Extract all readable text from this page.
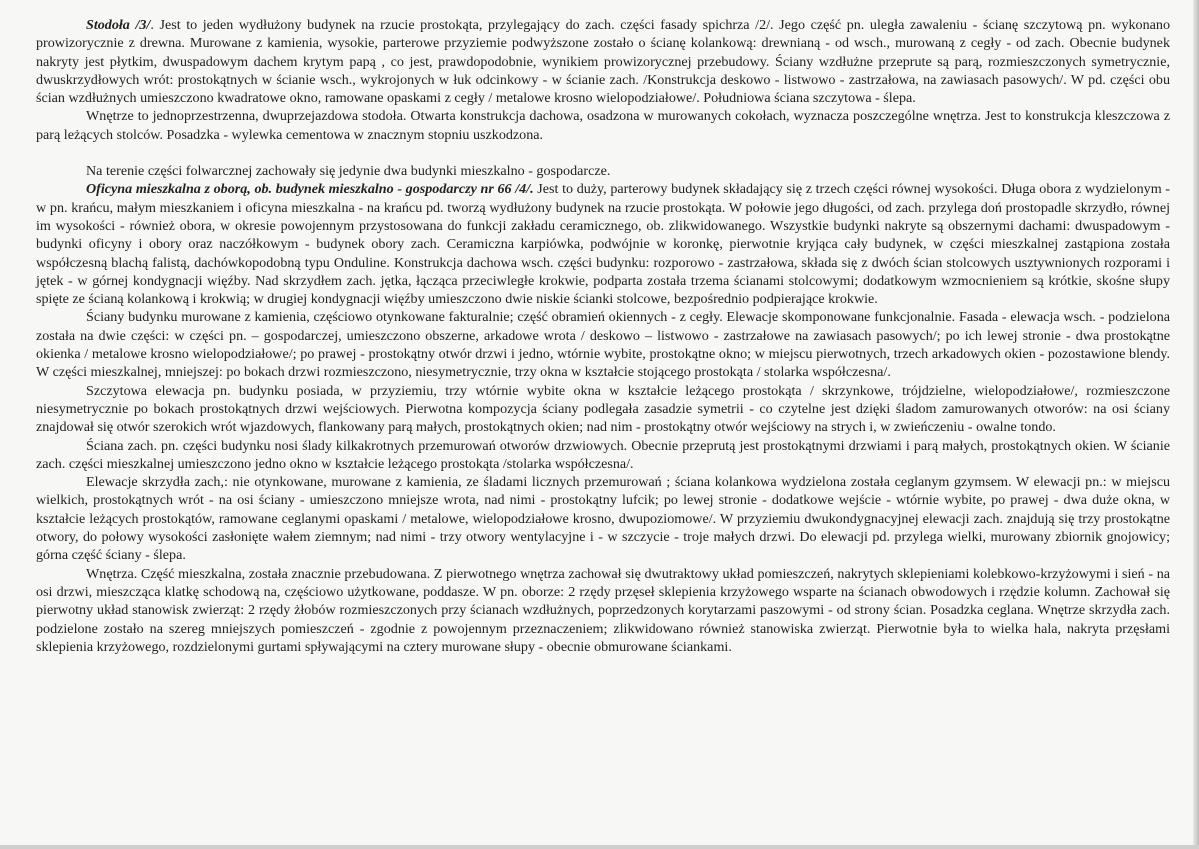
Stodoła /3/. Jest to jeden wydłużony budynek na rzucie prostokąta, przylegający do zach. części fasady spichrza /2/. Jego część pn. uległa zawaleniu - ścianę szczytową pn. wykonano prowizorycznie z drewna. Murowane z kamienia, wysokie, parterowe przyziemie podwyższone zostało o ścianę kolankową: drewnianą - od wsch., murowaną z cegły - od zach. Obecnie budynek nakryty jest płytkim, dwuspadowym dachem krytym papą , co jest, prawdopodobnie, wynikiem prowizorycznej przebudowy. Ściany wzdłużne przeprute są parą, rozmieszczonych symetrycznie, dwuskrzydłowych wrót: prostokątnych w ścianie wsch., wykrojonych w łuk odcinkowy - w ścianie zach. /Konstrukcja deskowo - listwowo - zastrzałowa, na zawiasach pasowych/. W pd. części obu ścian wzdłużnych umieszczono kwadratowe okno, ramowane opaskami z cegły / metalowe krosno wielopodziałowe/. Południowa ściana szczytowa - ślepa.

Wnętrze to jednoprzestrzenna, dwuprzejazdowa stodoła. Otwarta konstrukcja dachowa, osadzona w murowanych cokołach, wyznacza poszczególne wnętrza. Jest to konstrukcja kleszczowa z parą leżących stolców. Posadzka - wylewka cementowa w znacznym stopniu uszkodzona.

Na terenie części folwarcznej zachowały się jedynie dwa budynki mieszkalno - gospodarcze.

Oficyna mieszkalna z oborą, ob. budynek mieszkalno - gospodarczy nr 66 /4/. Jest to duży, parterowy budynek składający się z trzech części równej wysokości. Długa obora z wydzielonym - w pn. krańcu, małym mieszkaniem i oficyna mieszkalna - na krańcu pd. tworzą wydłużony budynek na rzucie prostokąta. W połowie jego długości, od zach. przylega doń prostopadle skrzydło, równej im wysokości - również obora, w okresie powojennym przystosowana do funkcji zakładu ceramicznego, ob. zlikwidowanego. Wszystkie budynki nakryte są obszernymi dachami: dwuspadowym - budynki oficyny i obory oraz naczółkowym - budynek obory zach. Ceramiczna karpiówka, podwójnie w koronkę, pierwotnie kryjąca cały budynek, w części mieszkalnej zastąpiona została współczesną blachą falistą, dachówkopodobną typu Onduline. Konstrukcja dachowa wsch. części budynku: rozporowo - zastrzałowa, składa się z dwóch ścian stolcowych usztywnionych rozporami i jętek - w górnej kondygnacji więźby. Nad skrzydłem zach. jętka, łącząca przeciwległe krokwie, podparta została trzema ścianami stolcowymi; dodatkowym wzmocnieniem są krótkie, skośne słupy spięte ze ścianą kolankową i krokwią; w drugiej kondygnacji więźby umieszczono dwie niskie ścianki stolcowe, bezpośrednio podpierające krokwie.

Ściany budynku murowane z kamienia, częściowo otynkowane fakturalnie; część obramień okiennych - z cegły. Elewacje skomponowane funkcjonalnie. Fasada - elewacja wsch. - podzielona została na dwie części: w części pn. – gospodarczej, umieszczono obszerne, arkadowe wrota / deskowo – listwowo - zastrzałowe na zawiasach pasowych/; po ich lewej stronie - dwa prostokątne okienka / metalowe krosno wielopodziałowe/; po prawej - prostokątny otwór drzwi i jedno, wtórnie wybite, prostokątne okno; w miejscu pierwotnych, trzech arkadowych okien - pozostawione blendy. W części mieszkalnej, mniejszej: po bokach drzwi rozmieszczono, niesymetrycznie, trzy okna w kształcie stojącego prostokąta / stolarka współczesna/.

Szczytowa elewacja pn. budynku posiada, w przyziemiu, trzy wtórnie wybite okna w kształcie leżącego prostokąta / skrzynkowe, trójdzielne, wielopodziałowe/, rozmieszczone niesymetrycznie po bokach prostokątnych drzwi wejściowych. Pierwotna kompozycja ściany podlegała zasadzie symetrii - co czytelne jest dzięki śladom zamurowanych otworów: na osi ściany znajdował się otwór szerokich wrót wjazdowych, flankowany parą małych, prostokątnych okien; nad nim - prostokątny otwór wejściowy na strych i, w zwieńczeniu - owalne tondo.

Ściana zach. pn. części budynku nosi ślady kilkakrotnych przemurowań otworów drzwiowych. Obecnie przeprutą jest prostokątnymi drzwiami i parą małych, prostokątnych okien. W ścianie zach. części mieszkalnej umieszczono jedno okno w kształcie leżącego prostokąta /stolarka współczesna/.

Elewacje skrzydła zach,: nie otynkowane, murowane z kamienia, ze śladami licznych przemurowań ; ściana kolankowa wydzielona została ceglanym gzymsem. W elewacji pn.: w miejscu wielkich, prostokątnych wrót - na osi ściany - umieszczono mniejsze wrota, nad nimi - prostokątny lufcik; po lewej stronie - dodatkowe wejście - wtórnie wybite, po prawej - dwa duże okna, w kształcie leżących prostokątów, ramowane ceglanymi opaskami / metalowe, wielopodziałowe krosno, dwupoziomowe/. W przyziemiu dwukondygnacyjnej elewacji zach. znajdują się trzy prostokątne otwory, do połowy wysokości zasłonięte wałem ziemnym; nad nimi - trzy otwory wentylacyjne i - w szczycie - troje małych drzwi. Do elewacji pd. przylega wielki, murowany zbiornik gnojowicy; górna część ściany - ślepa.

Wnętrza. Część mieszkalna, została znacznie przebudowana. Z pierwotnego wnętrza zachował się dwutraktowy układ pomieszczeń, nakrytych sklepieniami kolebkowo-krzyżowymi i sień - na osi drzwi, mieszcząca klatkę schodową na, częściowo użytkowane, poddasze. W pn. oborze: 2 rzędy przęseł sklepienia krzyżowego wsparte na ścianach obwodowych i rzędzie kolumn. Zachował się pierwotny układ stanowisk zwierząt: 2 rzędy żłobów rozmieszczonych przy ścianach wzdłużnych, poprzedzonych korytarzami paszowymi - od strony ścian. Posadzka ceglana. Wnętrze skrzydła zach. podzielone zostało na szereg mniejszych pomieszczeń - zgodnie z powojennym przeznaczeniem; zlikwidowano również stanowiska zwierząt. Pierwotnie była to wielka hala, nakryta przęsłami sklepienia krzyżowego, rozdzielonymi gurtami spływającymi na cztery murowane słupy - obecnie obmurowane ściankami.
